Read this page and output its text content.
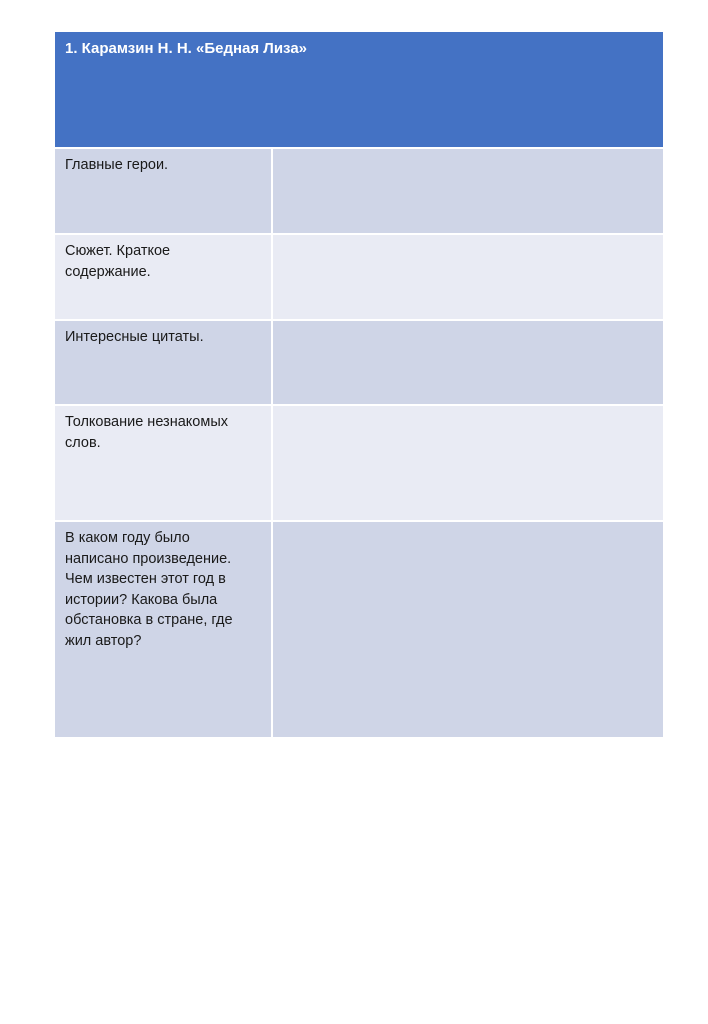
1. Карамзин Н. Н. «Бедная Лиза»
Главные герои.
Сюжет. Краткое содержание.
Интересные цитаты.
Толкование незнакомых слов.
В каком году было написано произведение. Чем известен этот год в истории? Какова была обстановка в стране, где жил автор?
